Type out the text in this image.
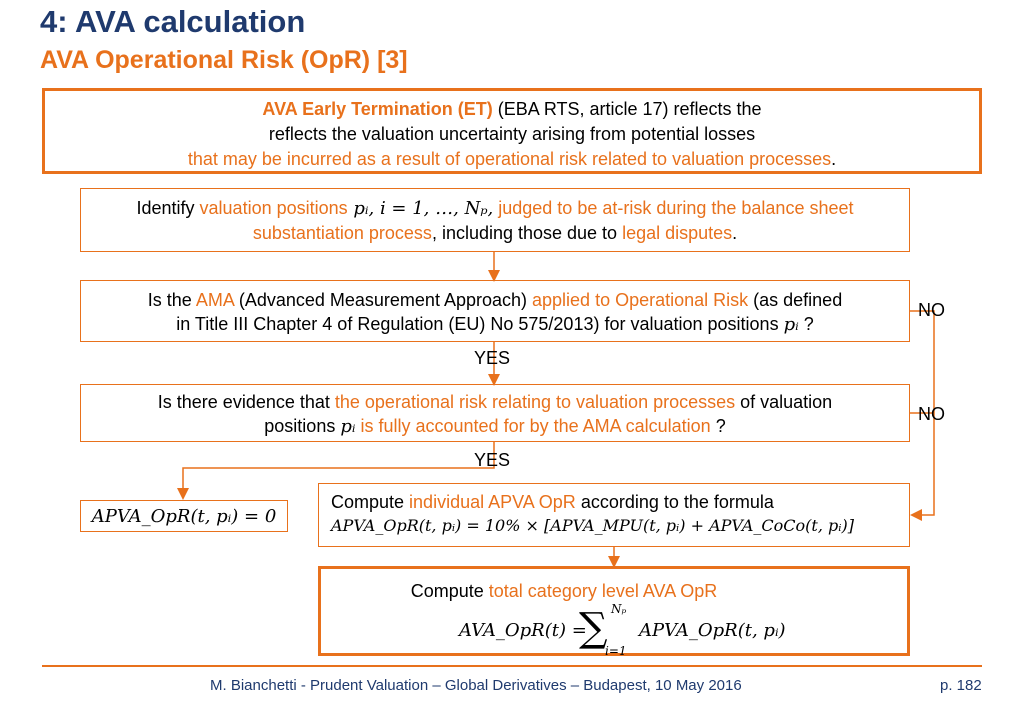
4: AVA calculation
AVA Operational Risk (OpR) [3]
AVA Early Termination (ET) (EBA RTS, article 17) reflects the
reflects the valuation uncertainty arising from potential losses
that may be incurred as a result of operational risk related to valuation processes.
Identify valuation positions pᵢ, i = 1, …, Nₚ, judged to be at-risk during the balance sheet
substantiation process, including those due to legal disputes.
Is the AMA (Advanced Measurement Approach) applied to Operational Risk (as defined
in Title III Chapter 4 of Regulation (EU) No 575/2013) for valuation positions pᵢ ?
Is there evidence that the operational risk relating to valuation processes of valuation
positions pᵢ is fully accounted for by the AMA calculation ?
APVA_OpR(t, pᵢ) = 0
Compute individual APVA OpR according to the formula
APVA_OpR(t, pᵢ) = 10% × [APVA_MPU(t, pᵢ) + APVA_CoCo(t, pᵢ)]
Compute total category level AVA OpR
AVA_OpR(t) =
∑ Nₚ
i=1
APVA_OpR(t, pᵢ)
YES
YES
NO
NO
M. Bianchetti - Prudent Valuation – Global Derivatives – Budapest, 10 May 2016	p. 182
